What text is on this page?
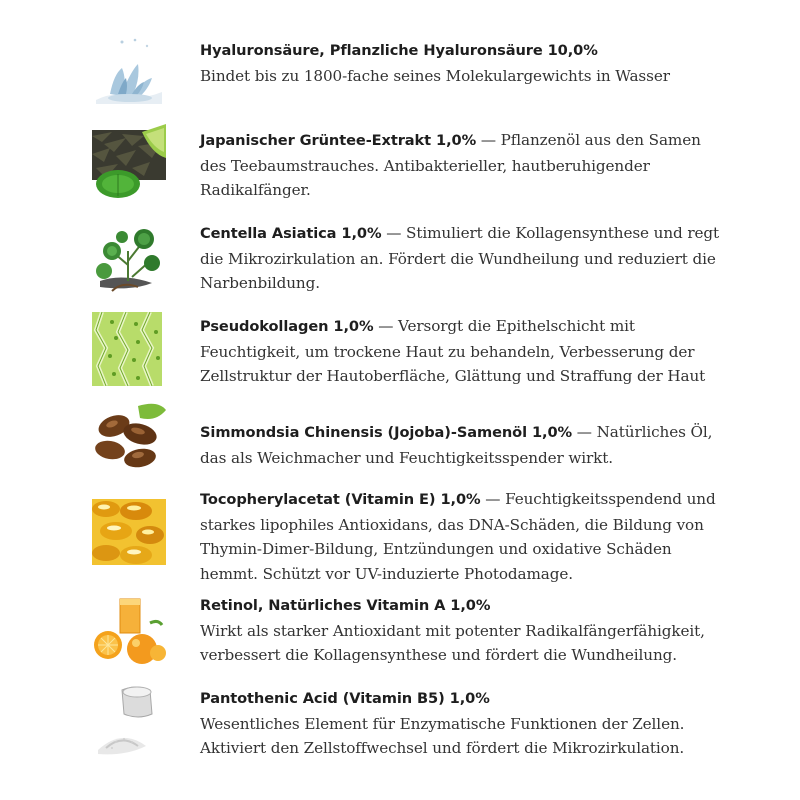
Hyaluronsäure, Pflanzliche Hyaluronsäure 10,0%
Bindet bis zu 1800-fache seines Molekulargewichts in Wasser
Japanischer Grüntee-Extrakt 1,0% — Pflanzenöl aus den Samen des Teebaumstrauches. Antibakterieller, hautberuhigender Radikalfänger.
Centella Asiatica 1,0% — Stimuliert die Kollagensynthese und regt die Mikrozirkulation an. Fördert die Wundheilung und reduziert die Narbenbildung.
Pseudokollagen 1,0% — Versorgt die Epithelschicht mit Feuchtigkeit, um trockene Haut zu behandeln, Verbesserung der Zellstruktur der Hautoberfläche, Glättung und Straffung der Haut
Simmondsia Chinensis (Jojoba)-Samenöl 1,0% — Natürliches Öl, das als Weichmacher und Feuchtigkeitsspender wirkt.
Tocopherylacetat (Vitamin E) 1,0% — Feuchtigkeitsspendend und starkes lipophiles Antioxidans, das DNA-Schäden, die Bildung von Thymin-Dimer-Bildung, Entzündungen und oxidative Schäden hemmt. Schützt vor UV-induzierte Photodamage.
Retinol, Natürliches Vitamin A 1,0%
Wirkt als starker Antioxidant mit potenter Radikalfängerfähigkeit, verbessert die Kollagensynthese und fördert die Wundheilung.
Pantothenic Acid (Vitamin B5) 1,0%
Wesentliches Element für Enzymatische Funktionen der Zellen. Aktiviert den Zellstoffwechsel und fördert die Mikrozirkulation.
